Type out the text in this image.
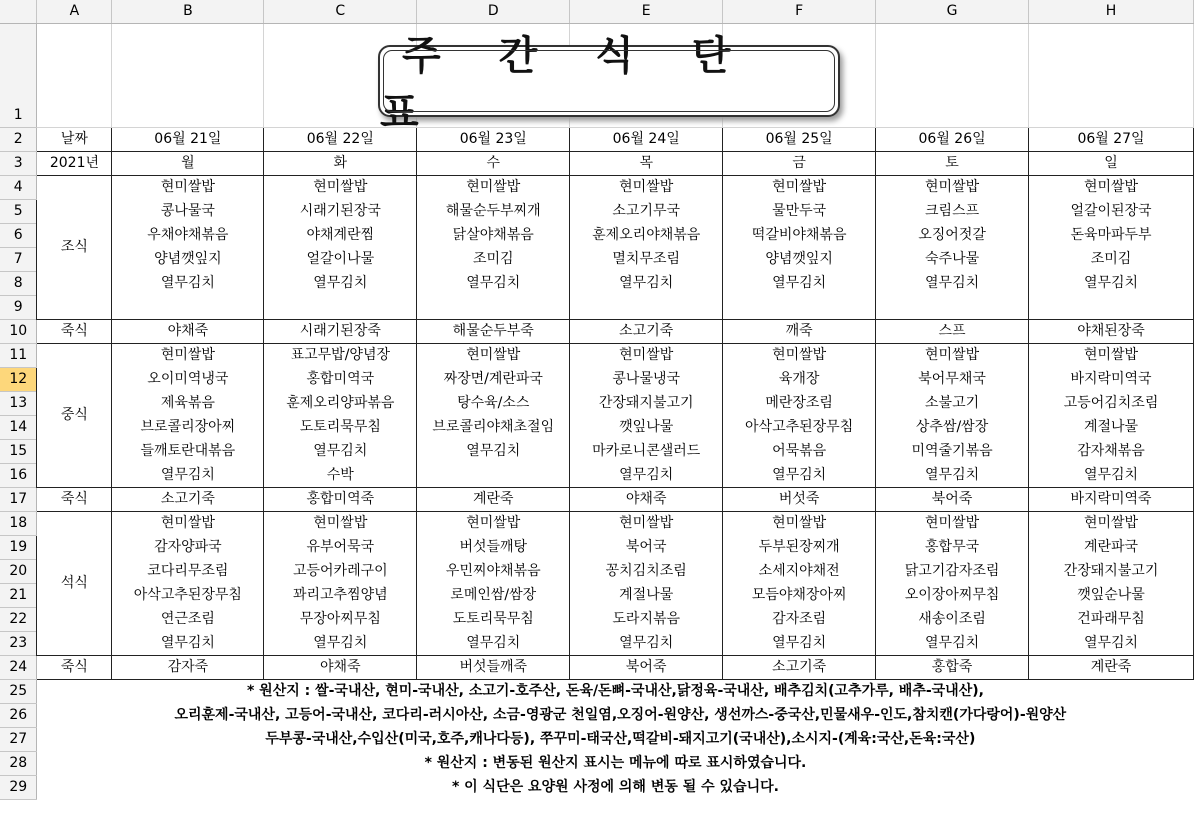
	A	B	C	D	E	F	G	H
1								
2	날짜	06월 21일	06월 22일	06월 23일	06월 24일	06월 25일	06월 26일	06월 27일
3	2021년	월	화	수	목	금	토	일
4	조식	현미쌀밥	현미쌀밥	현미쌀밥	현미쌀밥	현미쌀밥	현미쌀밥	현미쌀밥
5		콩나물국	시래기된장국	해물순두부찌개	소고기무국	물만두국	크림스프	얼갈이된장국
6		우채야채볶음	야채계란찜	닭살야채볶음	훈제오리야채볶음	떡갈비야채볶음	오징어젓갈	돈육마파두부
7		양념깻잎지	얼갈이나물	조미김	멸치무조림	양념깻잎지	숙주나물	조미김
8		열무김치	열무김치	열무김치	열무김치	열무김치	열무김치	열무김치
9								
10	죽식	야채죽	시래기된장죽	해물순두부죽	소고기죽	깨죽	스프	야채된장죽
11	중식	현미쌀밥	표고무밥/양념장	현미쌀밥	현미쌀밥	현미쌀밥	현미쌀밥	현미쌀밥
12		오이미역냉국	홍합미역국	짜장면/계란파국	콩나물냉국	육개장	북어무채국	바지락미역국
13		제육볶음	훈제오리양파볶음	탕수육/소스	간장돼지불고기	메란장조림	소불고기	고등어김치조림
14		브로콜리장아찌	도토리묵무침	브로콜리야채초절임	깻잎나물	아삭고추된장무침	상추쌈/쌈장	계절나물
15		들깨토란대볶음	열무김치	열무김치	마카로니콘샐러드	어묵볶음	미역줄기볶음	감자채볶음
16		열무김치	수박		열무김치	열무김치	열무김치	열무김치
17	죽식	소고기죽	홍합미역죽	계란죽	야채죽	버섯죽	북어죽	바지락미역죽
18	석식	현미쌀밥	현미쌀밥	현미쌀밥	현미쌀밥	현미쌀밥	현미쌀밥	현미쌀밥
19		감자양파국	유부어묵국	버섯들깨탕	북어국	두부된장찌개	홍합무국	계란파국
20		코다리무조림	고등어카레구이	우민찌야채볶음	꽁치김치조림	소세지야채전	닭고기감자조림	간장돼지불고기
21		아삭고추된장무침	꽈리고추찜양념	로메인쌈/쌈장	계절나물	모듬야채장아찌	오이장아찌무침	깻잎순나물
22		연근조림	무장아찌무침	도토리묵무침	도라지볶음	감자조림	새송이조림	건파래무침
23		열무김치	열무김치	열무김치	열무김치	열무김치	열무김치	열무김치
24	죽식	감자죽	야채죽	버섯들깨죽	북어죽	소고기죽	홍합죽	계란죽
25	* 원산지 : 쌀-국내산, 현미-국내산, 소고기-호주산, 돈육/돈뼈-국내산,닭정육-국내산, 배추김치(고추가루, 배추-국내산),							
26	오리훈제-국내산, 고등어-국내산, 코다리-러시아산, 소금-영광군 천일염,오징어-원양산, 생선까스-중국산,민물새우-인도,참치캔(가다랑어)-원양산							
27	두부콩-국내산,수입산(미국,호주,캐나다등), 쭈꾸미-태국산,떡갈비-돼지고기(국내산),소시지-(계육:국산,돈육:국산)							
28	* 원산지 : 변동된 원산지 표시는 메뉴에 따로 표시하였습니다.							
29	* 이 식단은 요양원 사정에 의해 변동 될 수 있습니다.							
주 간 식 단 표
